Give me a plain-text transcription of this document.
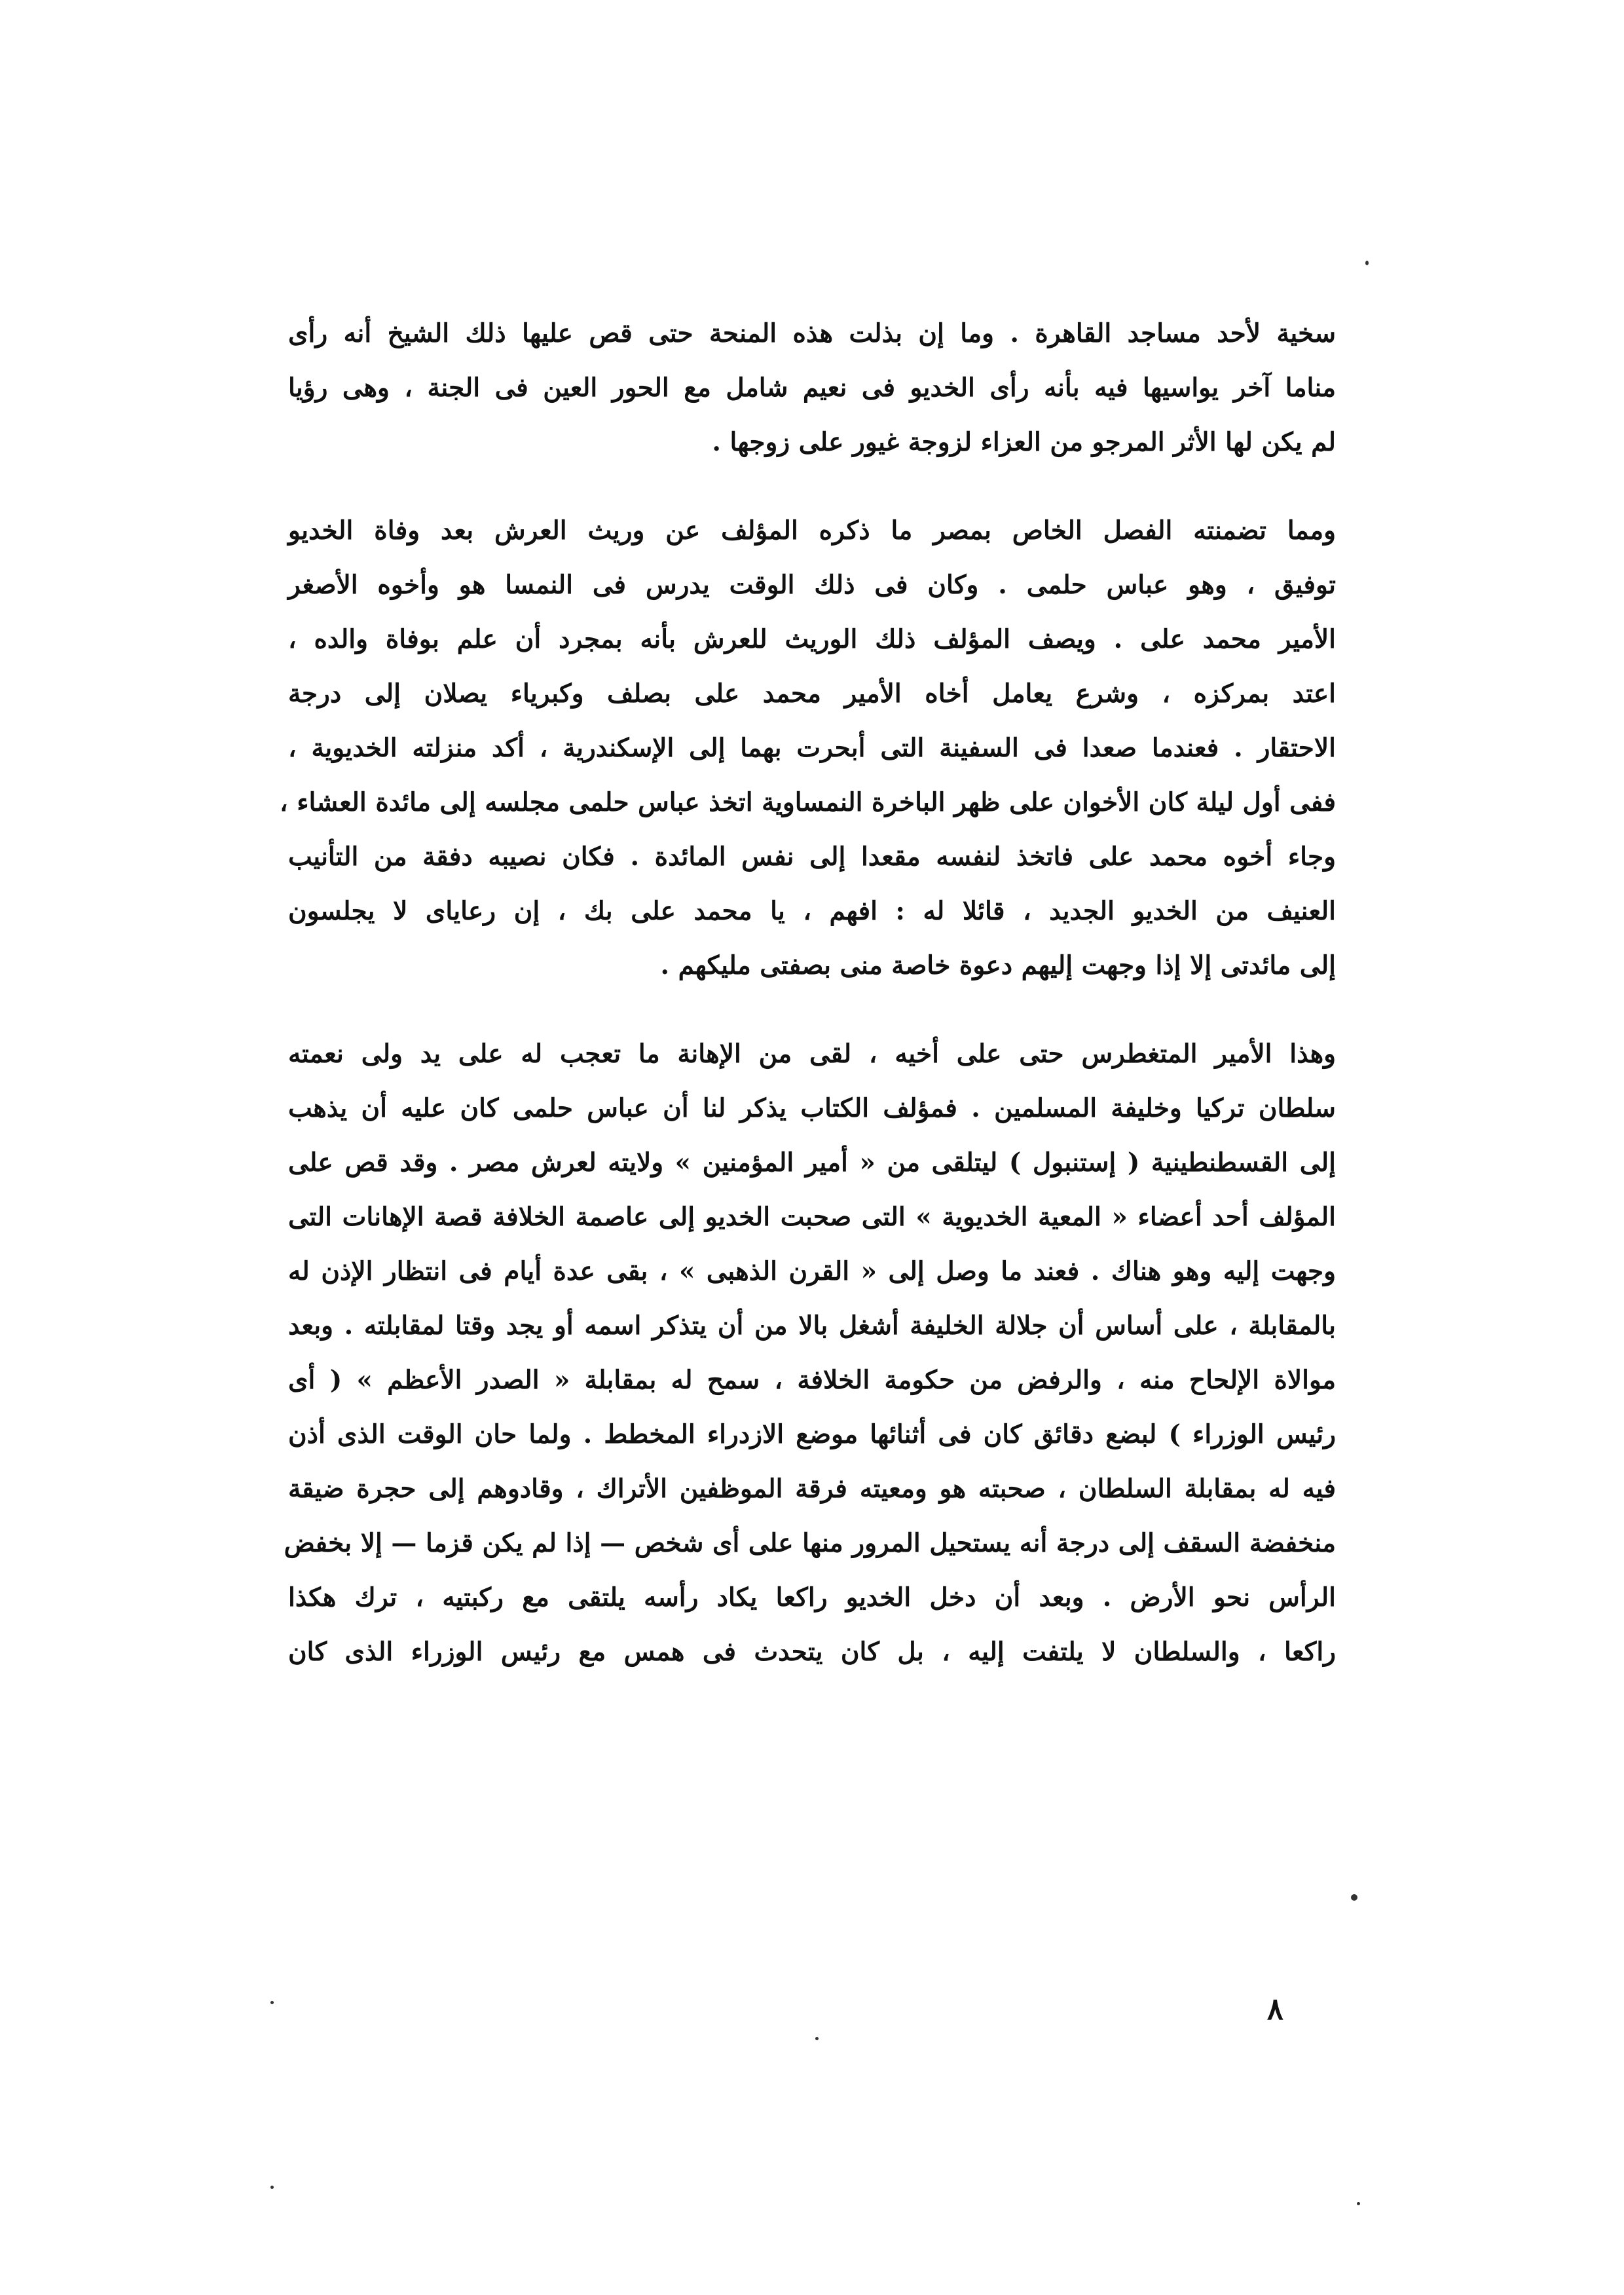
سخية لأحد مساجد القاهرة . وما إن بذلت هذه المنحة حتى قص عليها ذلك الشيخ أنه رأى
مناما آخر يواسيها فيه بأنه رأى الخديو فى نعيم شامل مع الحور العين فى الجنة ، وهى رؤيا
لم يكن لها الأثر المرجو من العزاء لزوجة غيور على زوجها .
ومما تضمنته الفصل الخاص بمصر ما ذكره المؤلف عن وريث العرش بعد وفاة الخديو
توفيق ، وهو عباس حلمى . وكان فى ذلك الوقت يدرس فى النمسا هو وأخوه الأصغر
الأمير محمد على . ويصف المؤلف ذلك الوريث للعرش بأنه بمجرد أن علم بوفاة والده ،
اعتد بمركزه ، وشرع يعامل أخاه الأمير محمد على بصلف وكبرياء يصلان إلى درجة
الاحتقار . فعندما صعدا فى السفينة التى أبحرت بهما إلى الإسكندرية ، أكد منزلته الخديوية ،
ففى أول ليلة كان الأخوان على ظهر الباخرة النمساوية اتخذ عباس حلمى مجلسه إلى مائدة العشاء ،
وجاء أخوه محمد على فاتخذ لنفسه مقعدا إلى نفس المائدة . فكان نصيبه دفقة من التأنيب
العنيف من الخديو الجديد ، قائلا له : افهم ، يا محمد على بك ، إن رعاياى لا يجلسون
إلى مائدتى إلا إذا وجهت إليهم دعوة خاصة منى بصفتى مليكهم .
وهذا الأمير المتغطرس حتى على أخيه ، لقى من الإهانة ما تعجب له على يد ولى نعمته
سلطان تركيا وخليفة المسلمين . فمؤلف الكتاب يذكر لنا أن عباس حلمى كان عليه أن يذهب
إلى القسطنطينية ( إستنبول ) ليتلقى من « أمير المؤمنين » ولايته لعرش مصر . وقد قص على
المؤلف أحد أعضاء « المعية الخديوية » التى صحبت الخديو إلى عاصمة الخلافة قصة الإهانات التى
وجهت إليه وهو هناك . فعند ما وصل إلى « القرن الذهبى » ، بقى عدة أيام فى انتظار الإذن له
بالمقابلة ، على أساس أن جلالة الخليفة أشغل بالا من أن يتذكر اسمه أو يجد وقتا لمقابلته . وبعد
موالاة الإلحاح منه ، والرفض من حكومة الخلافة ، سمح له بمقابلة « الصدر الأعظم » ( أى
رئيس الوزراء ) لبضع دقائق كان فى أثنائها موضع الازدراء المخطط . ولما حان الوقت الذى أذن
فيه له بمقابلة السلطان ، صحبته هو ومعيته فرقة الموظفين الأتراك ، وقادوهم إلى حجرة ضيقة
منخفضة السقف إلى درجة أنه يستحيل المرور منها على أى شخص — إذا لم يكن قزما — إلا بخفض
الرأس نحو الأرض . وبعد أن دخل الخديو راكعا يكاد رأسه يلتقى مع ركبتيه ، ترك هكذا
راكعا ، والسلطان لا يلتفت إليه ، بل كان يتحدث فى همس مع رئيس الوزراء الذى كان
٨
